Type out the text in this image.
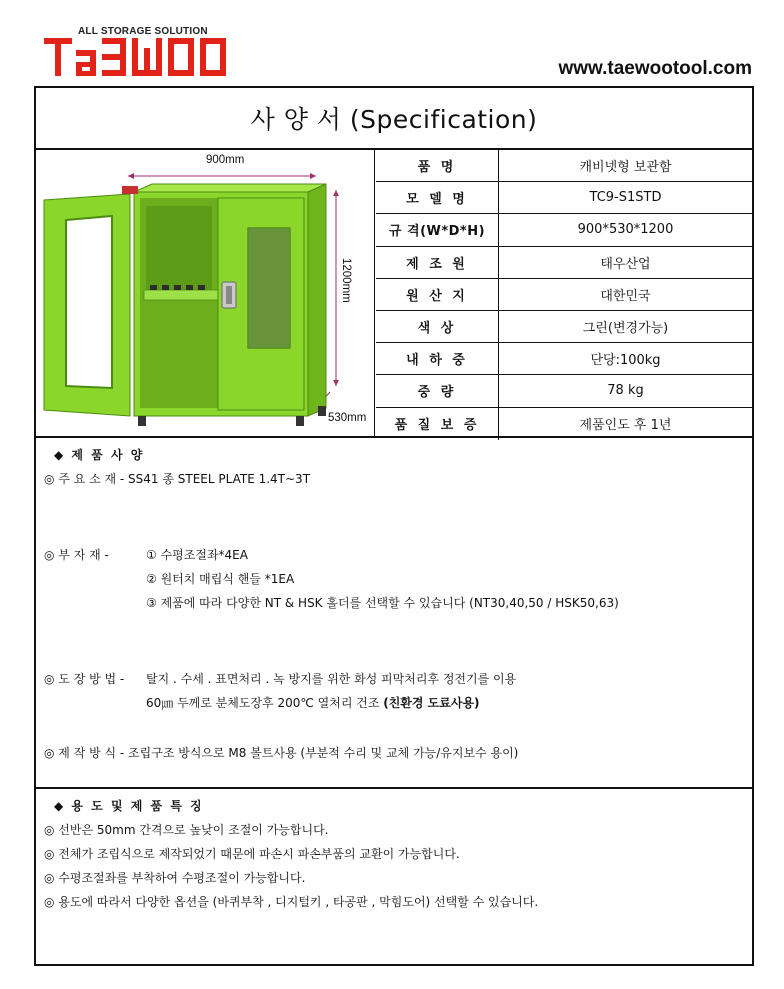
ALL STORAGE SOLUTION
www.taewootool.com
사 양 서 (Specification)
900mm
1200mm
530mm
품 명	캐비넷형 보관함
모 델 명	TC9-S1STD
규 격(W*D*H)	900*530*1200
제 조 원	태우산업
원 산 지	대한민국
색 상	그린(변경가능)
내 하 중	단당:100kg
중 량	78 kg
품 질 보 증	제품인도 후 1년
◆ 제 품 사 양
◎ 주 요 소 재 - SS41 종 STEEL PLATE 1.4T~3T
◎ 부 자 재 -	① 수평조절좌*4EA
② 원터치 매립식 핸들 *1EA
③ 제품에 따라 다양한 NT & HSK 홀더를 선택할 수 있습니다 (NT30,40,50 / HSK50,63)
◎ 도 장 방 법 - 탈지 . 수세 . 표면처리 . 녹 방지를 위한 화성 피막처리후 정전기를 이용
60㎛ 두께로 분체도장후 200℃ 열처리 건조 (친환경 도료사용)
◎ 제 작 방 식 - 조립구조 방식으로 M8 볼트사용 (부분적 수리 및 교체 가능/유지보수 용이)
◆ 용 도 및 제 품 특 징
◎ 선반은 50mm 간격으로 높낮이 조절이 가능합니다.
◎ 전체가 조립식으로 제작되었기 때문에 파손시 파손부품의 교환이 가능합니다.
◎ 수평조절좌를 부착하여 수평조절이 가능합니다.
◎ 용도에 따라서 다양한 옵션을 (바퀴부착 , 디지털키 , 타공판 , 막힘도어) 선택할 수 있습니다.
